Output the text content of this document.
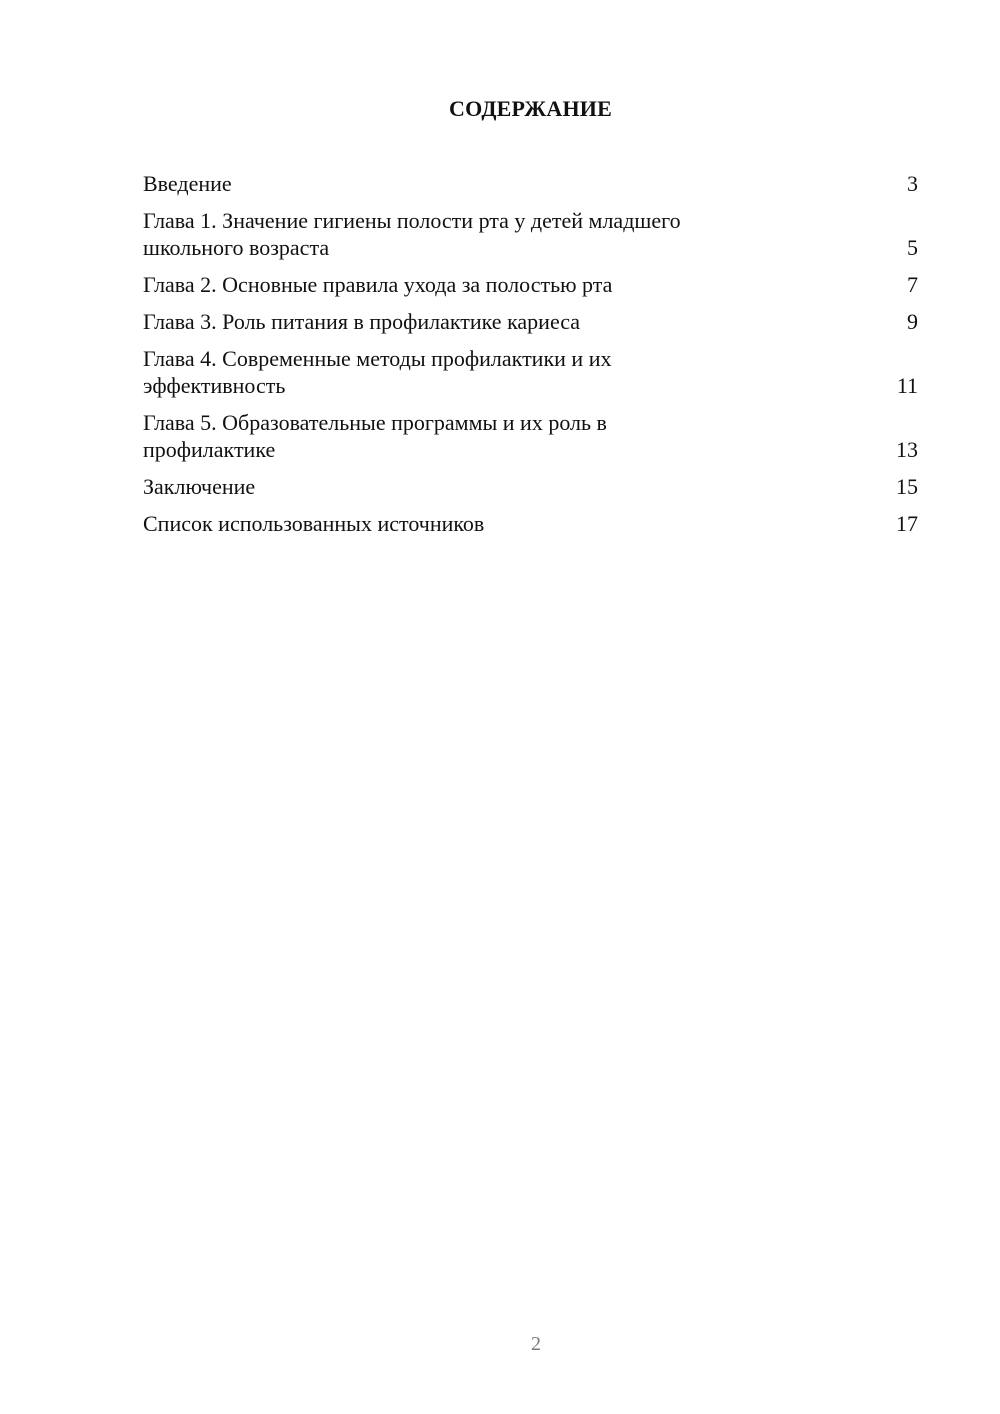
СОДЕРЖАНИЕ
Введение	3
Глава 1. Значение гигиены полости рта у детей младшего
школьного возраста	5
Глава 2. Основные правила ухода за полостью рта	7
Глава 3. Роль питания в профилактике кариеса	9
Глава 4. Современные методы профилактики и их
эффективность	11
Глава 5. Образовательные программы и их роль в
профилактике	13
Заключение	15
Список использованных источников	17
2
